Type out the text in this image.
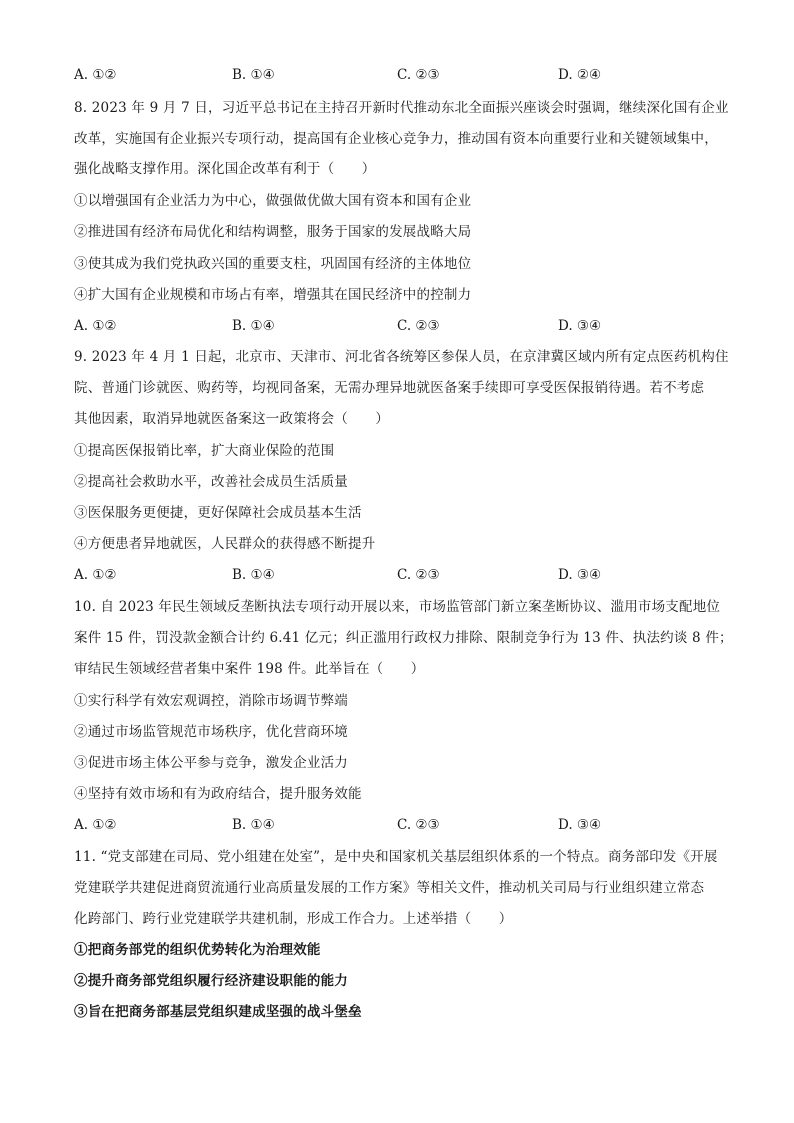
A. ①②	B. ①④	C. ②③	D. ②④
8. 2023 年 9 月 7 日，习近平总书记在主持召开新时代推动东北全面振兴座谈会时强调，继续深化国有企业
改革，实施国有企业振兴专项行动，提高国有企业核心竞争力，推动国有资本向重要行业和关键领域集中，
强化战略支撑作用。深化国企改革有利于（　　）
①以增强国有企业活力为中心，做强做优做大国有资本和国有企业
②推进国有经济布局优化和结构调整，服务于国家的发展战略大局
③使其成为我们党执政兴国的重要支柱，巩固国有经济的主体地位
④扩大国有企业规模和市场占有率，增强其在国民经济中的控制力
A. ①②	B. ①④	C. ②③	D. ③④
9. 2023 年 4 月 1 日起，北京市、天津市、河北省各统筹区参保人员，在京津冀区域内所有定点医药机构住
院、普通门诊就医、购药等，均视同备案，无需办理异地就医备案手续即可享受医保报销待遇。若不考虑
其他因素，取消异地就医备案这一政策将会（　　）
①提高医保报销比率，扩大商业保险的范围
②提高社会救助水平，改善社会成员生活质量
③医保服务更便捷，更好保障社会成员基本生活
④方便患者异地就医，人民群众的获得感不断提升
A. ①②	B. ①④	C. ②③	D. ③④
10. 自 2023 年民生领域反垄断执法专项行动开展以来，市场监管部门新立案垄断协议、滥用市场支配地位
案件 15 件，罚没款金额合计约 6.41 亿元；纠正滥用行政权力排除、限制竞争行为 13 件、执法约谈 8 件；
审结民生领域经营者集中案件 198 件。此举旨在（　　）
①实行科学有效宏观调控，消除市场调节弊端
②通过市场监管规范市场秩序，优化营商环境
③促进市场主体公平参与竞争，激发企业活力
④坚持有效市场和有为政府结合，提升服务效能
A. ①②	B. ①④	C. ②③	D. ③④
11. “党支部建在司局、党小组建在处室”，是中央和国家机关基层组织体系的一个特点。商务部印发《开展
党建联学共建促进商贸流通行业高质量发展的工作方案》等相关文件，推动机关司局与行业组织建立常态
化跨部门、跨行业党建联学共建机制，形成工作合力。上述举措（　　）
①把商务部党的组织优势转化为治理效能
②提升商务部党组织履行经济建设职能的能力
③旨在把商务部基层党组织建成坚强的战斗堡垒
